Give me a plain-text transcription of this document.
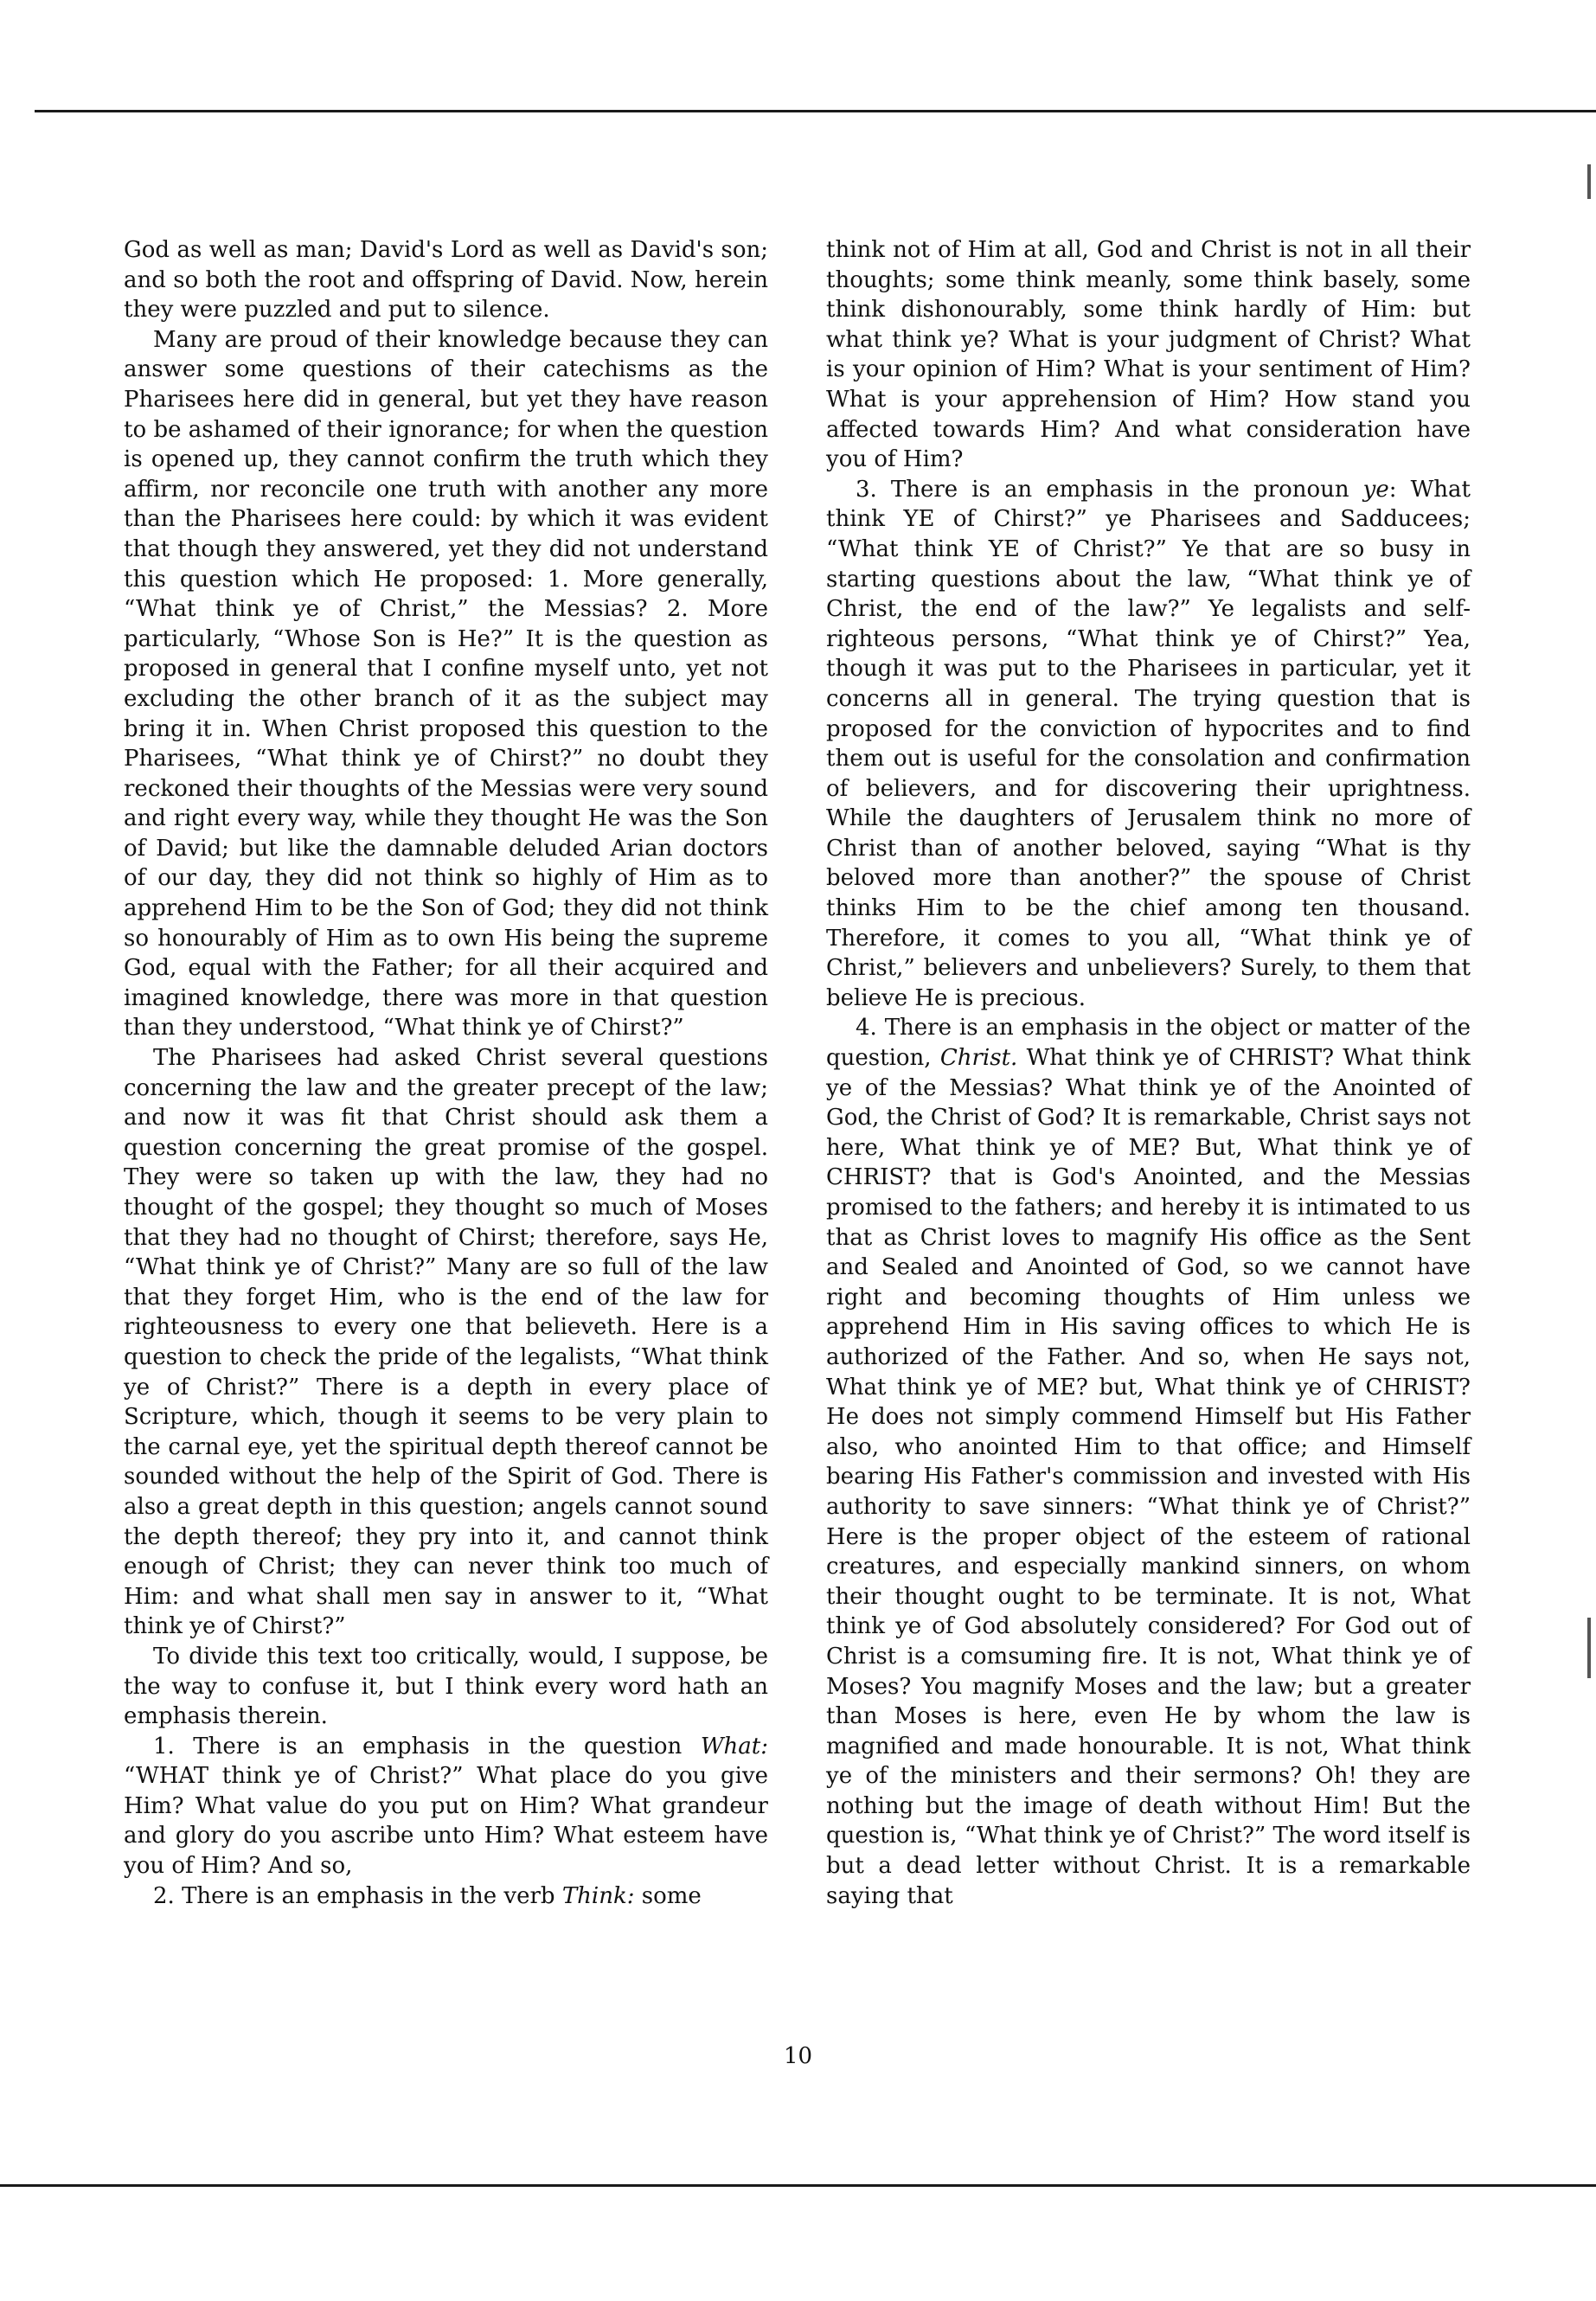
God as well as man; David's Lord as well as David's son; and so both the root and offspring of David. Now, herein they were puzzled and put to silence.

Many are proud of their knowledge because they can answer some questions of their catechisms as the Pharisees here did in general, but yet they have reason to be ashamed of their ignorance; for when the question is opened up, they cannot confirm the truth which they affirm, nor reconcile one truth with another any more than the Pharisees here could: by which it was evident that though they answered, yet they did not understand this question which He proposed: 1. More generally, “What think ye of Christ,” the Messias? 2. More particularly, “Whose Son is He?” It is the question as proposed in general that I confine myself unto, yet not excluding the other branch of it as the subject may bring it in. When Christ proposed this question to the Pharisees, “What think ye of Chirst?” no doubt they reckoned their thoughts of the Messias were very sound and right every way, while they thought He was the Son of David; but like the damnable deluded Arian doctors of our day, they did not think so highly of Him as to apprehend Him to be the Son of God; they did not think so honourably of Him as to own His being the supreme God, equal with the Father; for all their acquired and imagined knowledge, there was more in that question than they understood, “What think ye of Chirst?”

The Pharisees had asked Christ several questions concerning the law and the greater precept of the law; and now it was fit that Christ should ask them a question concerning the great promise of the gospel. They were so taken up with the law, they had no thought of the gospel; they thought so much of Moses that they had no thought of Chirst; therefore, says He, “What think ye of Christ?” Many are so full of the law that they forget Him, who is the end of the law for righteousness to every one that believeth. Here is a question to check the pride of the legalists, “What think ye of Christ?” There is a depth in every place of Scripture, which, though it seems to be very plain to the carnal eye, yet the spiritual depth thereof cannot be sounded without the help of the Spirit of God. There is also a great depth in this question; angels cannot sound the depth thereof; they pry into it, and cannot think enough of Christ; they can never think too much of Him: and what shall men say in answer to it, “What think ye of Chirst?”

To divide this text too critically, would, I suppose, be the way to confuse it, but I think every word hath an emphasis therein.

1. There is an emphasis in the question What: “WHAT think ye of Christ?” What place do you give Him? What value do you put on Him? What grandeur and glory do you ascribe unto Him? What esteem have you of Him? And so,

2. There is an emphasis in the verb Think: some

think not of Him at all, God and Christ is not in all their thoughts; some think meanly, some think basely, some think dishonourably, some think hardly of Him: but what think ye? What is your judgment of Christ? What is your opinion of Him? What is your sentiment of Him? What is your apprehension of Him? How stand you affected towards Him? And what consideration have you of Him?

3. There is an emphasis in the pronoun ye: What think YE of Chirst?” ye Pharisees and Sadducees; “What think YE of Christ?” Ye that are so busy in starting questions about the law, “What think ye of Christ, the end of the law?” Ye legalists and self-righteous persons, “What think ye of Chirst?” Yea, though it was put to the Pharisees in particular, yet it concerns all in general. The trying question that is proposed for the conviction of hypocrites and to find them out is useful for the consolation and confirmation of believers, and for discovering their uprightness. While the daughters of Jerusalem think no more of Christ than of another beloved, saying “What is thy beloved more than another?” the spouse of Christ thinks Him to be the chief among ten thousand. Therefore, it comes to you all, “What think ye of Christ,” believers and unbelievers? Surely, to them that believe He is precious.

4. There is an emphasis in the object or matter of the question, Christ. What think ye of CHRIST? What think ye of the Messias? What think ye of the Anointed of God, the Christ of God? It is remarkable, Christ says not here, What think ye of ME? But, What think ye of CHRIST? that is God's Anointed, and the Messias promised to the fathers; and hereby it is intimated to us that as Christ loves to magnify His office as the Sent and Sealed and Anointed of God, so we cannot have right and becoming thoughts of Him unless we apprehend Him in His saving offices to which He is authorized of the Father. And so, when He says not, What think ye of ME? but, What think ye of CHRIST? He does not simply commend Himself but His Father also, who anointed Him to that office; and Himself bearing His Father's commission and invested with His authority to save sinners: “What think ye of Christ?” Here is the proper object of the esteem of rational creatures, and especially mankind sinners, on whom their thought ought to be terminate. It is not, What think ye of God absolutely considered? For God out of Christ is a comsuming fire. It is not, What think ye of Moses? You magnify Moses and the law; but a greater than Moses is here, even He by whom the law is magnified and made honourable. It is not, What think ye of the ministers and their sermons? Oh! they are nothing but the image of death without Him! But the question is, “What think ye of Christ?” The word itself is but a dead letter without Christ. It is a remarkable saying that

10
